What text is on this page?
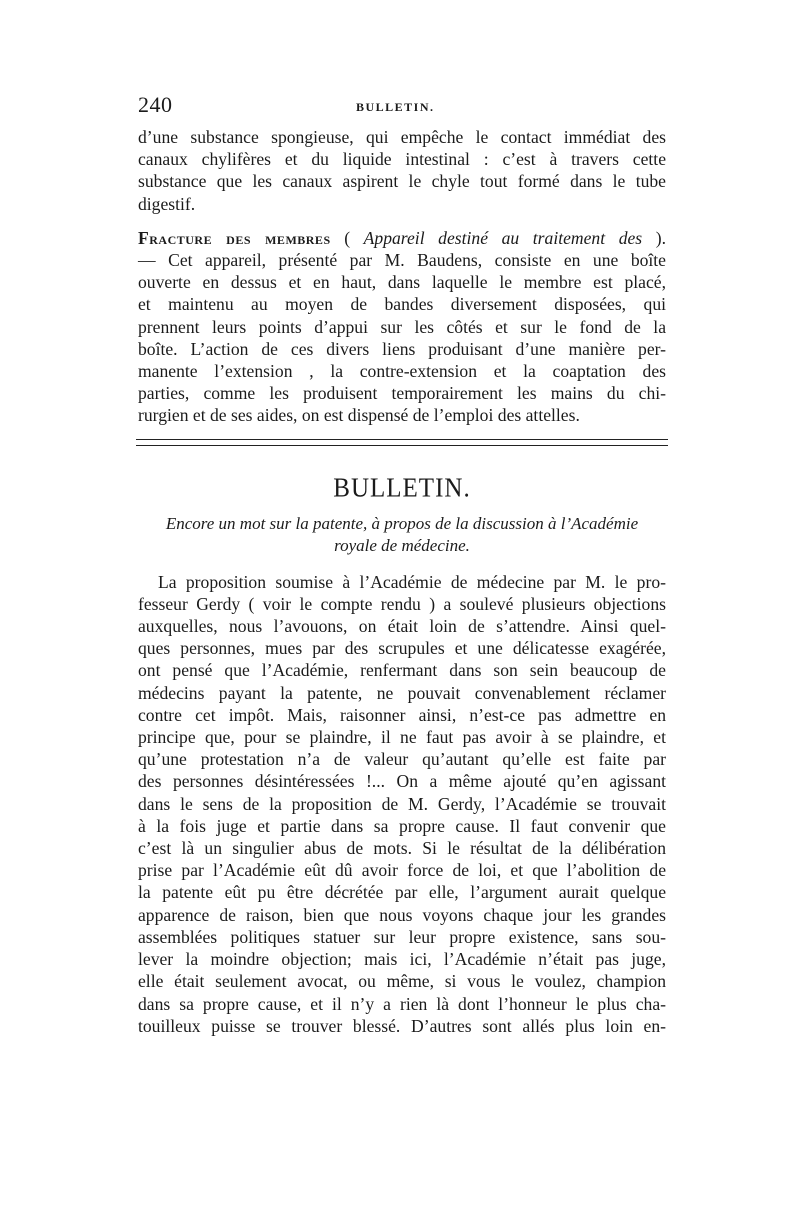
240	BULLETIN.
d’une substance spongieuse, qui empêche le contact immédiat des
canaux chylifères et du liquide intestinal : c’est à travers cette
substance que les canaux aspirent le chyle tout formé dans le tube
digestif.
Fracture des membres ( Appareil destiné au traitement des ).
— Cet appareil, présenté par M. Baudens, consiste en une boîte
ouverte en dessus et en haut, dans laquelle le membre est placé,
et maintenu au moyen de bandes diversement disposées, qui
prennent leurs points d’appui sur les côtés et sur le fond de la
boîte. L’action de ces divers liens produisant d’une manière per-
manente l’extension , la contre-extension et la coaptation des
parties, comme les produisent temporairement les mains du chi-
rurgien et de ses aides, on est dispensé de l’emploi des attelles.
BULLETIN.

Encore un mot sur la patente, à propos de la discussion à l’Académie
royale de médecine.

La proposition soumise à l’Académie de médecine par M. le pro-
fesseur Gerdy ( voir le compte rendu ) a soulevé plusieurs objections
auxquelles, nous l’avouons, on était loin de s’attendre. Ainsi quel-
ques personnes, mues par des scrupules et une délicatesse exagérée,
ont pensé que l’Académie, renfermant dans son sein beaucoup de
médecins payant la patente, ne pouvait convenablement réclamer
contre cet impôt. Mais, raisonner ainsi, n’est-ce pas admettre en
principe que, pour se plaindre, il ne faut pas avoir à se plaindre, et
qu’une protestation n’a de valeur qu’autant qu’elle est faite par
des personnes désintéressées !... On a même ajouté qu’en agissant
dans le sens de la proposition de M. Gerdy, l’Académie se trouvait
à la fois juge et partie dans sa propre cause. Il faut convenir que
c’est là un singulier abus de mots. Si le résultat de la délibération
prise par l’Académie eût dû avoir force de loi, et que l’abolition de
la patente eût pu être décrétée par elle, l’argument aurait quelque
apparence de raison, bien que nous voyons chaque jour les grandes
assemblées politiques statuer sur leur propre existence, sans sou-
lever la moindre objection; mais ici, l’Académie n’était pas juge,
elle était seulement avocat, ou même, si vous le voulez, champion
dans sa propre cause, et il n’y a rien là dont l’honneur le plus cha-
touilleux puisse se trouver blessé. D’autres sont allés plus loin en-
